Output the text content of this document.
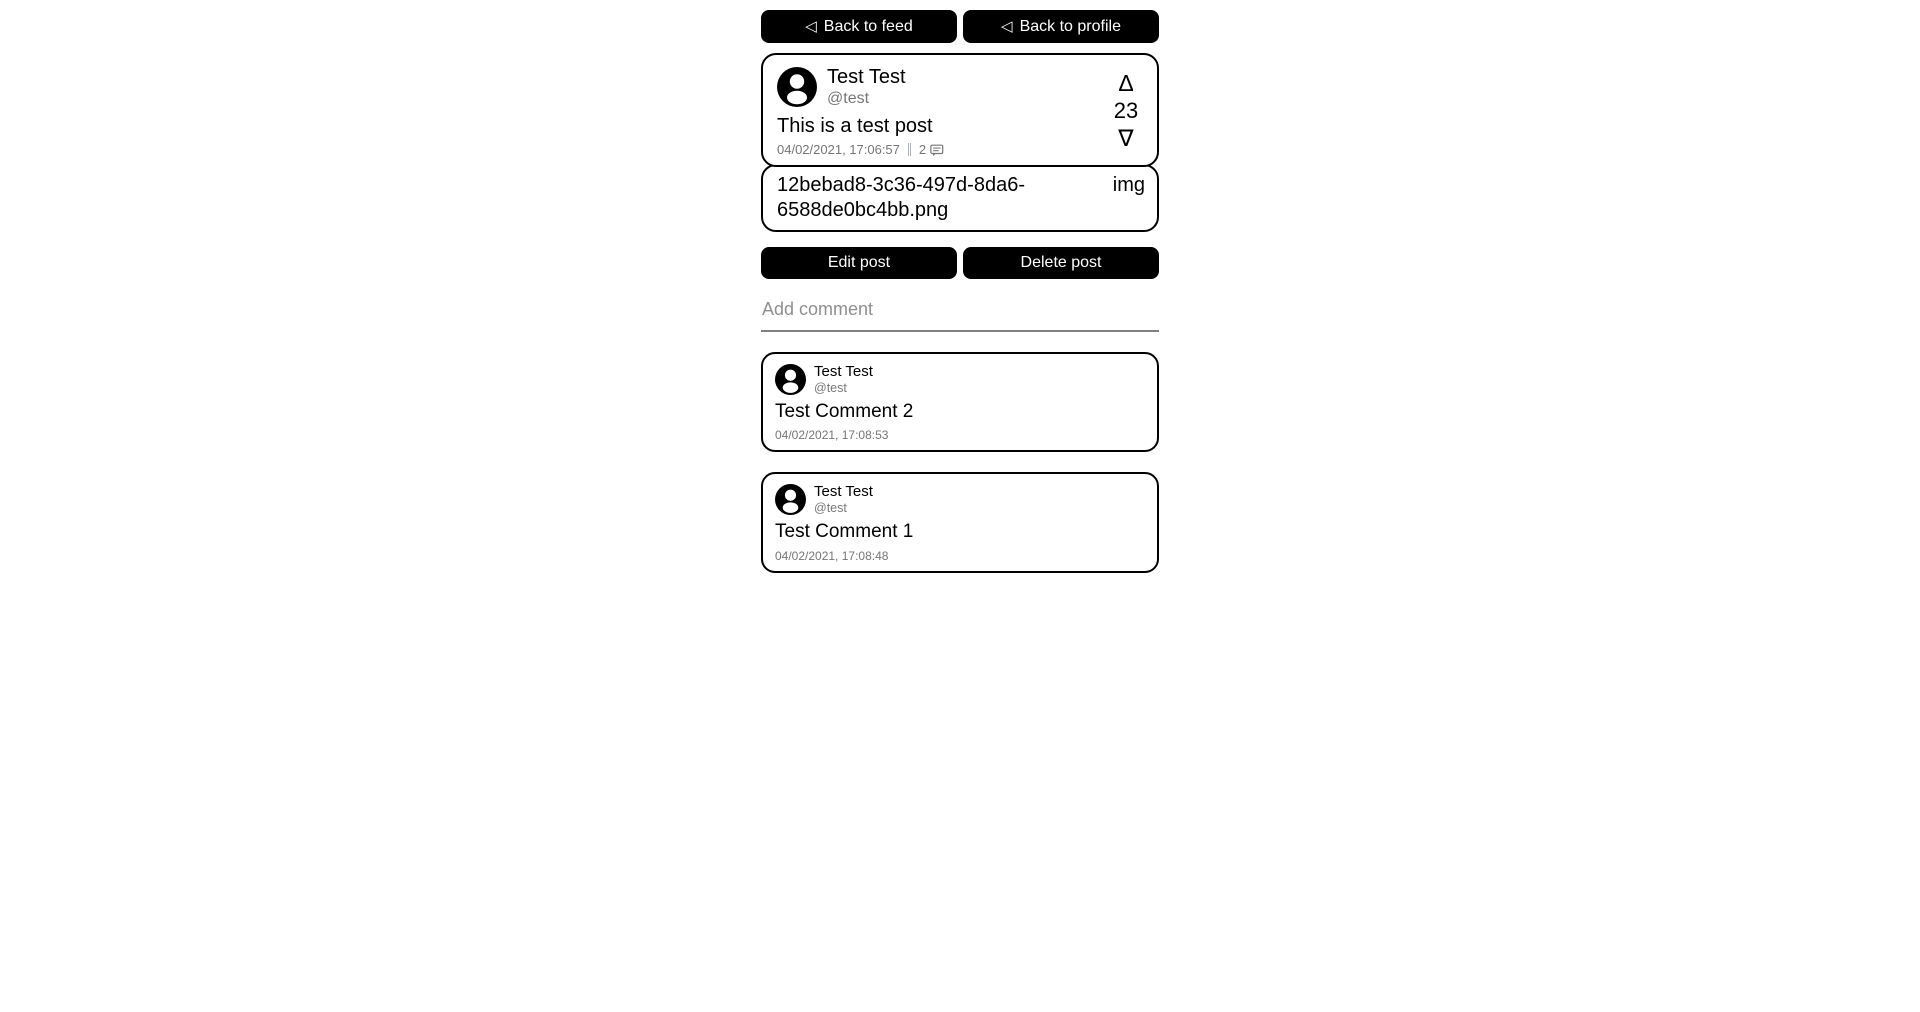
◁ Back to feed	◁ Back to profile
Test Test
@test
This is a test post
04/02/2021, 17:06:57 2
Δ
23
∇
12bebad8-3c36-497d-8da6-6588de0bc4bb.png
img
Edit post	Delete post
Add comment
Test Test
@test
Test Comment 2
04/02/2021, 17:08:53
Test Test
@test
Test Comment 1
04/02/2021, 17:08:48
